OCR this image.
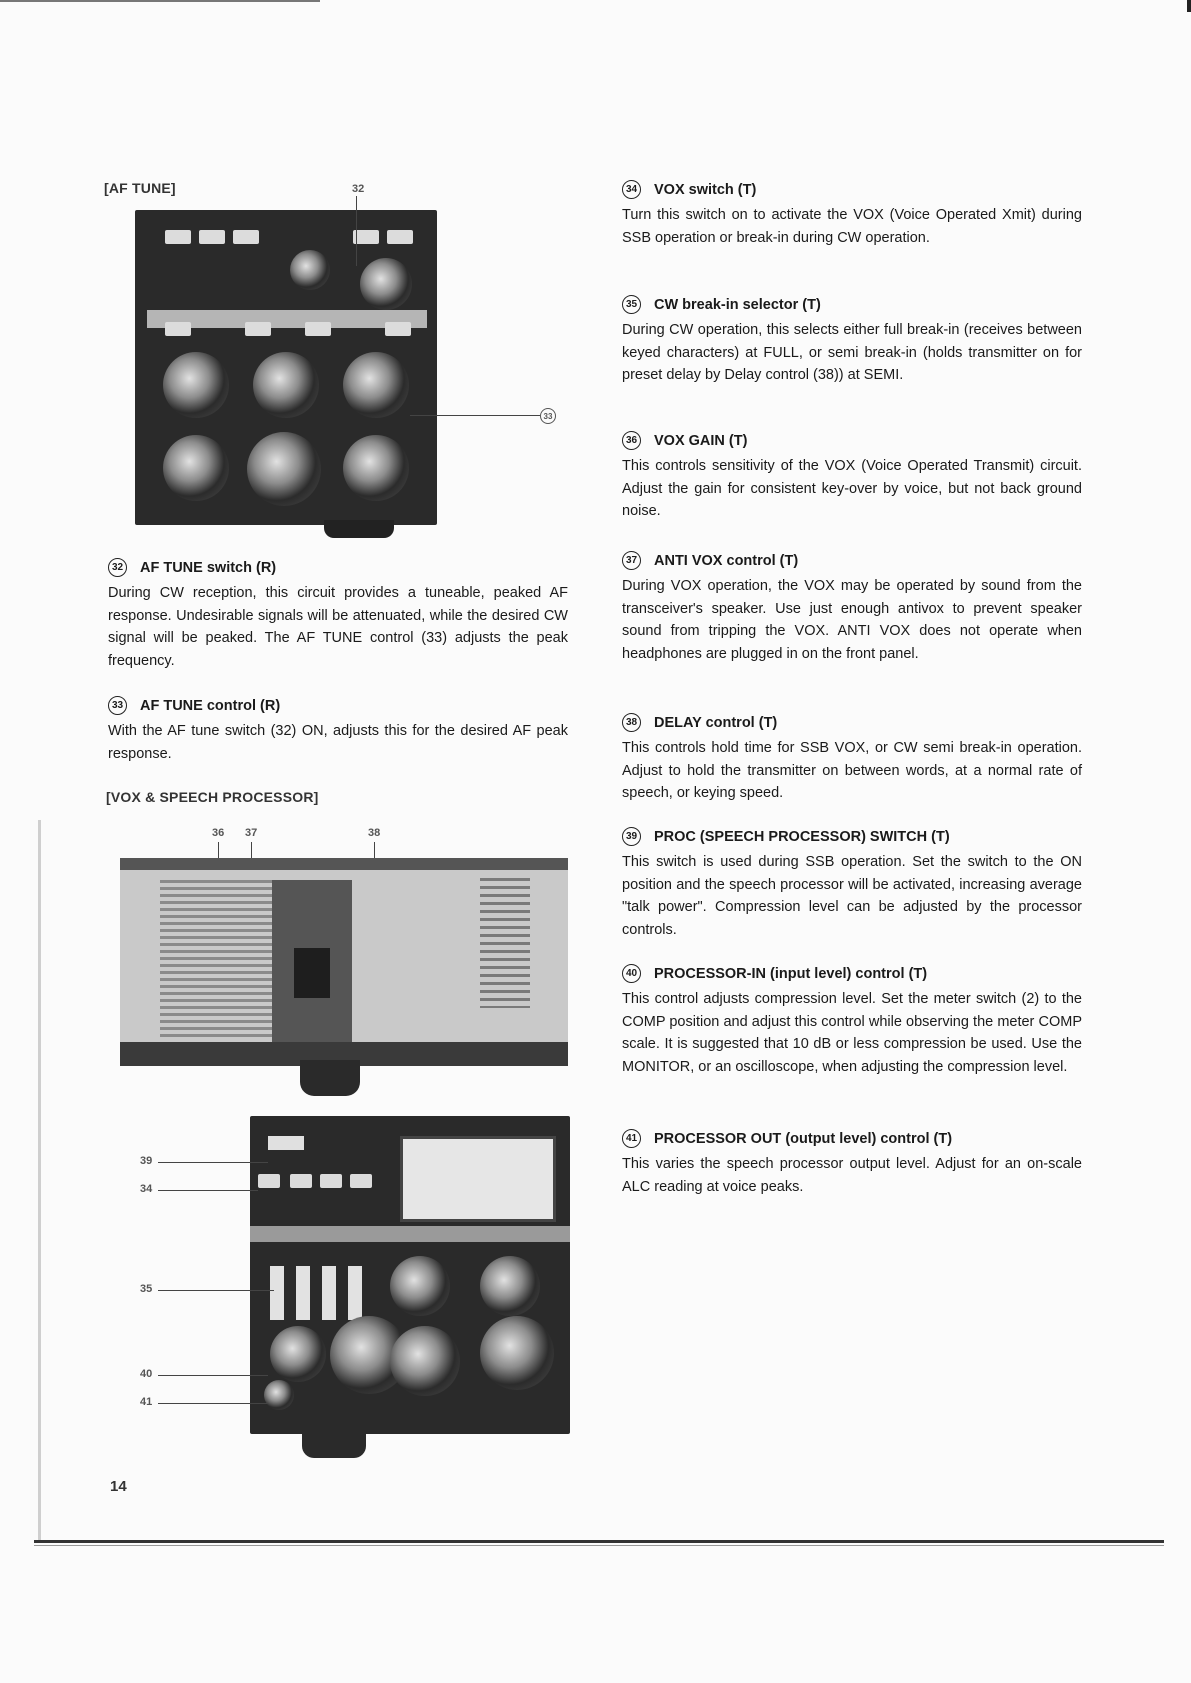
[AF TUNE]	32
33
32 AF TUNE switch (R)
During CW reception, this circuit provides a tuneable, peaked AF response. Undesirable signals will be attenuated, while the desired CW signal will be peaked. The AF TUNE control (33) adjusts the peak frequency.
33 AF TUNE control (R)
With the AF tune switch (32) ON, adjusts this for the desired AF peak response.
[VOX & SPEECH PROCESSOR]
36 37	38
39
34
35
40
41
14
34 VOX switch (T)
Turn this switch on to activate the VOX (Voice Operated Xmit) during SSB operation or break-in during CW operation.
35 CW break-in selector (T)
During CW operation, this selects either full break-in (receives between keyed characters) at FULL, or semi break-in (holds transmitter on for preset delay by Delay control (38)) at SEMI.
36 VOX GAIN (T)
This controls sensitivity of the VOX (Voice Operated Transmit) circuit. Adjust the gain for consistent key-over by voice, but not back ground noise.
37 ANTI VOX control (T)
During VOX operation, the VOX may be operated by sound from the transceiver's speaker. Use just enough antivox to prevent speaker sound from tripping the VOX. ANTI VOX does not operate when headphones are plugged in on the front panel.
38 DELAY control (T)
This controls hold time for SSB VOX, or CW semi break-in operation. Adjust to hold the transmitter on between words, at a normal rate of speech, or keying speed.
39 PROC (SPEECH PROCESSOR) SWITCH (T)
This switch is used during SSB operation. Set the switch to the ON position and the speech processor will be activated, increasing average "talk power". Compression level can be adjusted by the processor controls.
40 PROCESSOR-IN (input level) control (T)
This control adjusts compression level. Set the meter switch (2) to the COMP position and adjust this control while observing the meter COMP scale. It is suggested that 10 dB or less compression be used. Use the MONITOR, or an oscilloscope, when adjusting the compression level.
41 PROCESSOR OUT (output level) control (T)
This varies the speech processor output level. Adjust for an on-scale ALC reading at voice peaks.
